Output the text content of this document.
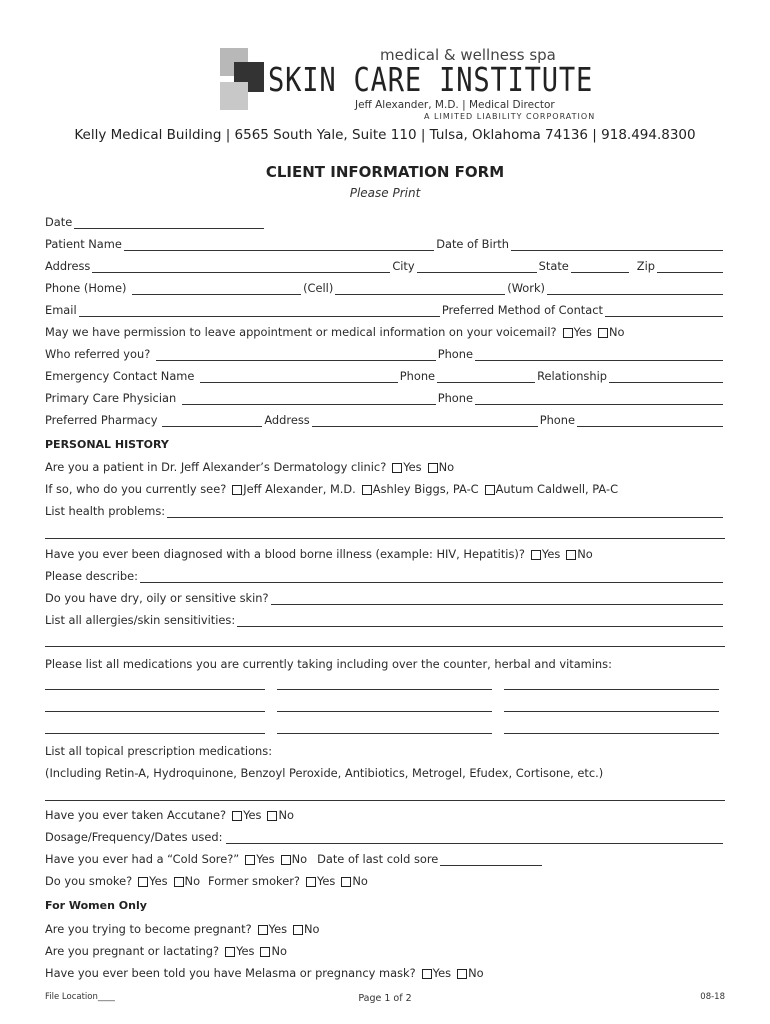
medical & wellness spa
SKIN CARE INSTITUTE
Jeff Alexander, M.D. | Medical Director
A LIMITED LIABILITY CORPORATION
Kelly Medical Building | 6565 South Yale, Suite 110 | Tulsa, Oklahoma 74136 | 918.494.8300
CLIENT INFORMATION FORM
Please Print
Date
Patient Name	Date of Birth
Address	City	State	Zip
Phone (Home)	(Cell)	(Work)
Email	Preferred Method of Contact
May we have permission to leave appointment or medical information on your voicemail? Yes No
Who referred you?	Phone
Emergency Contact Name	Phone	Relationship
Primary Care Physician	Phone
Preferred Pharmacy	Address	Phone
PERSONAL HISTORY
Are you a patient in Dr. Jeff Alexander’s Dermatology clinic? Yes No
If so, who do you currently see? Jeff Alexander, M.D. Ashley Biggs, PA-C Autum Caldwell, PA-C
List health problems:
Have you ever been diagnosed with a blood borne illness (example: HIV, Hepatitis)? Yes No
Please describe:
Do you have dry, oily or sensitive skin?
List all allergies/skin sensitivities:
Please list all medications you are currently taking including over the counter, herbal and vitamins:
List all topical prescription medications:
(Including Retin-A, Hydroquinone, Benzoyl Peroxide, Antibiotics, Metrogel, Efudex, Cortisone, etc.)
Have you ever taken Accutane? Yes No
Dosage/Frequency/Dates used:
Have you ever had a “Cold Sore?” Yes No Date of last cold sore
Do you smoke? Yes No Former smoker? Yes No
For Women Only
Are you trying to become pregnant? Yes No
Are you pregnant or lactating? Yes No
Have you ever been told you have Melasma or pregnancy mask? Yes No
File Location____	Page 1 of 2	08-18
